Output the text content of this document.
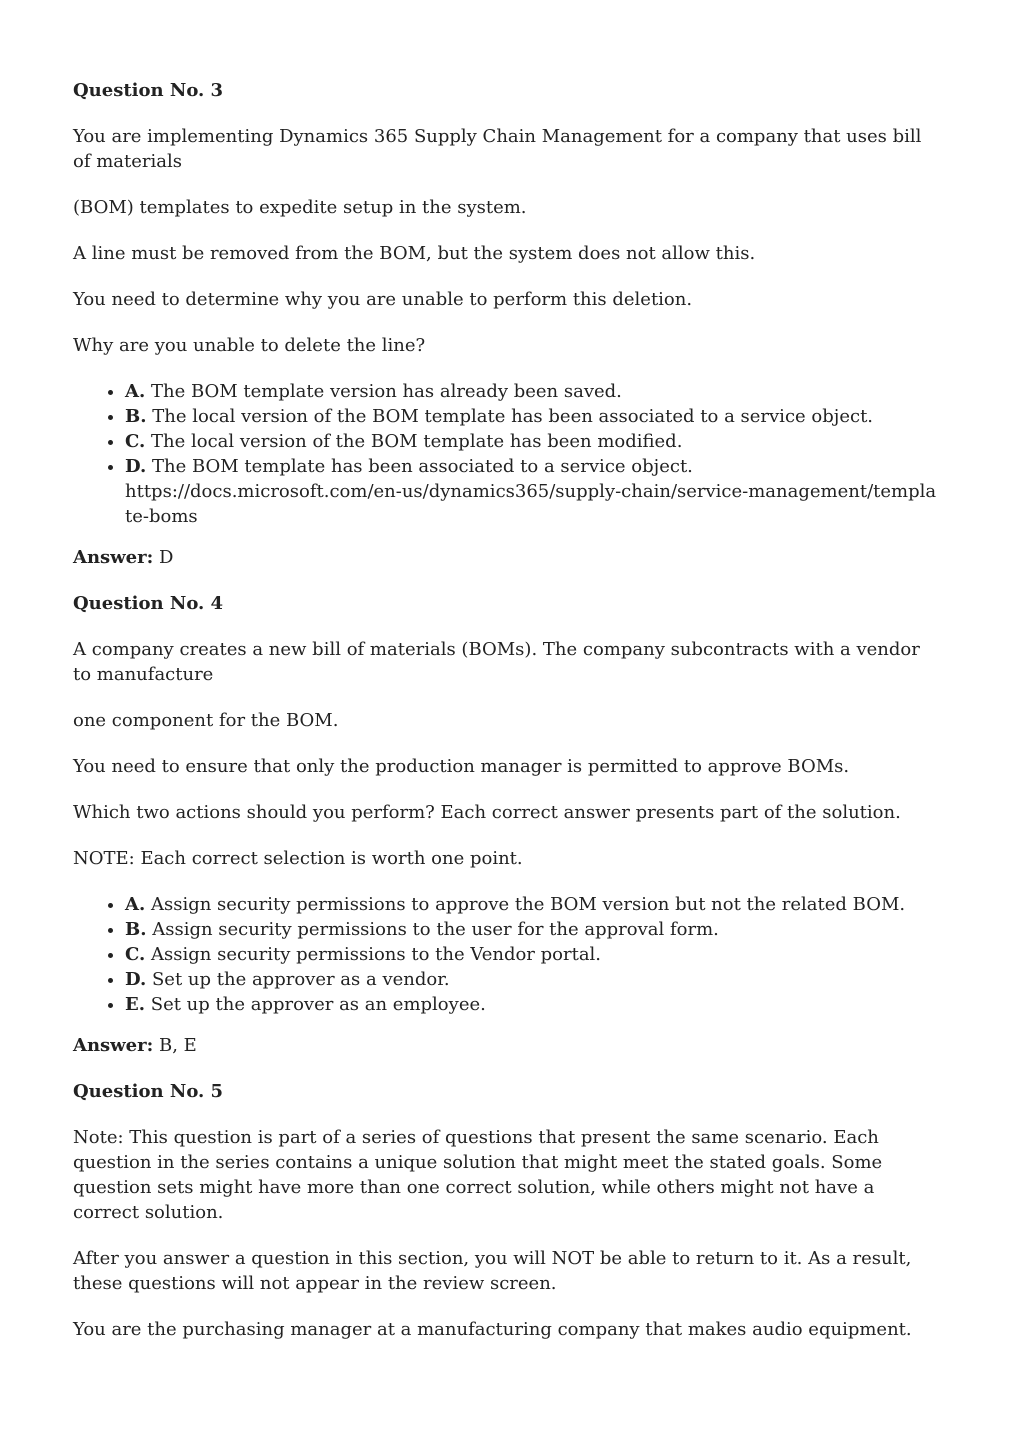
Question No. 3

You are implementing Dynamics 365 Supply Chain Management for a company that uses bill of materials

(BOM) templates to expedite setup in the system.

A line must be removed from the BOM, but the system does not allow this.

You need to determine why you are unable to perform this deletion.

Why are you unable to delete the line?

• A. The BOM template version has already been saved.
• B. The local version of the BOM template has been associated to a service object.
• C. The local version of the BOM template has been modified.
• D. The BOM template has been associated to a service object.
https://docs.microsoft.com/en-us/dynamics365/supply-chain/service-management/template-boms
Answer: D
Question No. 4

A company creates a new bill of materials (BOMs). The company subcontracts with a vendor to manufacture

one component for the BOM.

You need to ensure that only the production manager is permitted to approve BOMs.

Which two actions should you perform? Each correct answer presents part of the solution.

NOTE: Each correct selection is worth one point.

• A. Assign security permissions to approve the BOM version but not the related BOM.
• B. Assign security permissions to the user for the approval form.
• C. Assign security permissions to the Vendor portal.
• D. Set up the approver as a vendor.
• E. Set up the approver as an employee.
Answer: B, E
Question No. 5

Note: This question is part of a series of questions that present the same scenario. Each question in the series contains a unique solution that might meet the stated goals. Some question sets might have more than one correct solution, while others might not have a correct solution.

After you answer a question in this section, you will NOT be able to return to it. As a result, these questions will not appear in the review screen.

You are the purchasing manager at a manufacturing company that makes audio equipment.
